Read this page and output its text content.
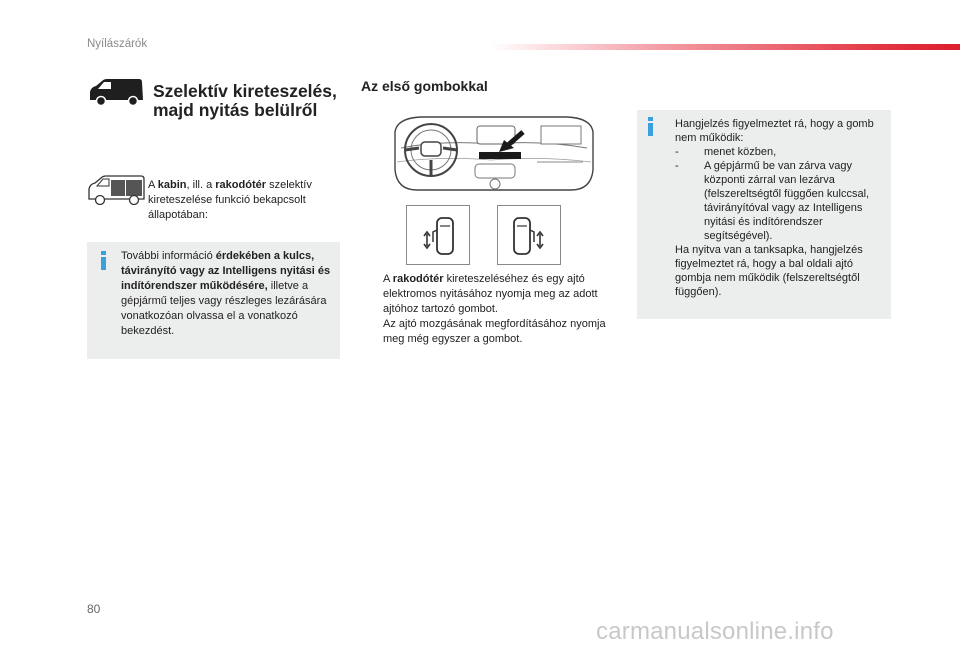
Nyílászárók
Szelektív kireteszelés, majd nyitás belülről
A kabin, ill. a rakodótér szelektív kireteszelése funkció bekapcsolt állapotában:
További információ érdekében a kulcs, távirányító vagy az Intelligens nyitási és indítórendszer működésére, illetve a gépjármű teljes vagy részleges lezárására vonatkozóan olvassa el a vonatkozó bekezdést.
Az első gombokkal
A rakodótér kireteszeléséhez és egy ajtó elektromos nyitásához nyomja meg az adott ajtóhoz tartozó gombot.
Az ajtó mozgásának megfordításához nyomja meg még egyszer a gombot.
Hangjelzés figyelmeztet rá, hogy a gomb nem működik:
-	menet közben,
-	A gépjármű be van zárva vagy központi zárral van lezárva (felszereltségtől függően kulccsal, távirányítóval vagy az Intelligens nyitási és indítórendszer segítségével).
Ha nyitva van a tanksapka, hangjelzés figyelmeztet rá, hogy a bal oldali ajtó gombja nem működik (felszereltségtől függően).
80
carmanualsonline.info
